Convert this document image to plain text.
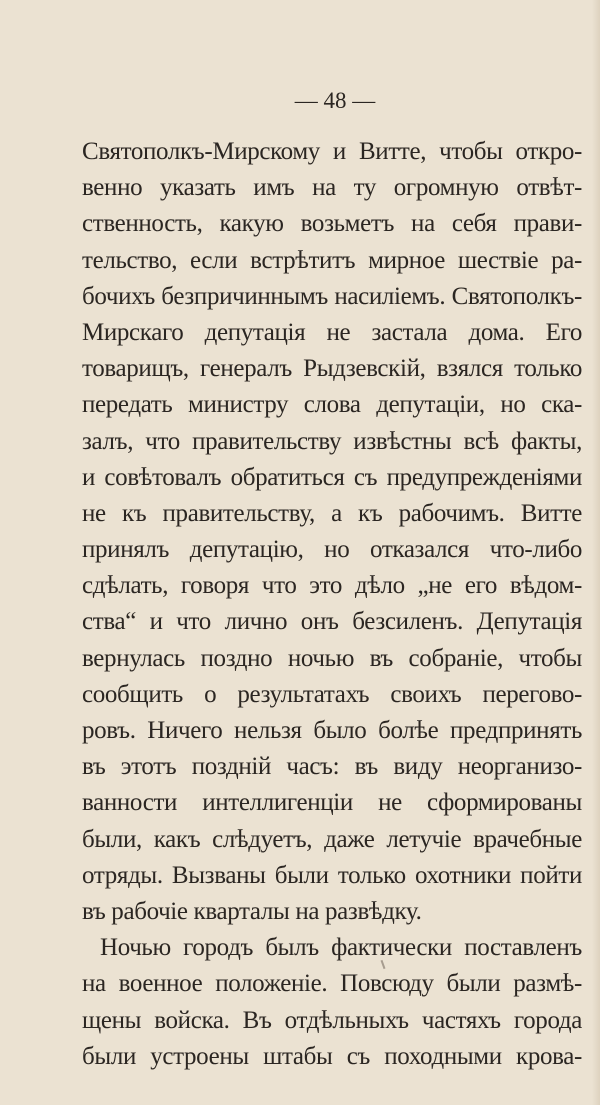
— 48 —
Святополкъ-Мирскому и Витте, чтобы откро-
венно указать имъ на ту огромную отвѣт-
ственность, какую возьметъ на себя прави-
тельство, если встрѣтитъ мирное шествіе ра-
бочихъ безпричиннымъ насиліемъ. Святополкъ-
Мирскаго депутація не застала дома. Его
товарищъ, генералъ Рыдзевскій, взялся только
передать министру слова депутаціи, но ска-
залъ, что правительству извѣстны всѣ факты,
и совѣтовалъ обратиться съ предупрежденіями
не къ правительству, а къ рабочимъ. Витте
принялъ депутацію, но отказался что-либо
сдѣлать, говоря что это дѣло „не его вѣдом-
ства“ и что лично онъ безсиленъ. Депутація
вернулась поздно ночью въ собраніе, чтобы
сообщить о результатахъ своихъ перегово-
ровъ. Ничего нельзя было болѣе предпринять
въ этотъ поздній часъ: въ виду неорганизо-
ванности интеллигенціи не сформированы
были, какъ слѣдуетъ, даже летучіе врачебные
отряды. Вызваны были только охотники пойти
въ рабочіе кварталы на развѣдку.
Ночью городъ былъ фактически поставленъ
на военное положеніе. Повсюду были размѣ-
щены войска. Въ отдѣльныхъ частяхъ города
были устроены штабы съ походными крова-
